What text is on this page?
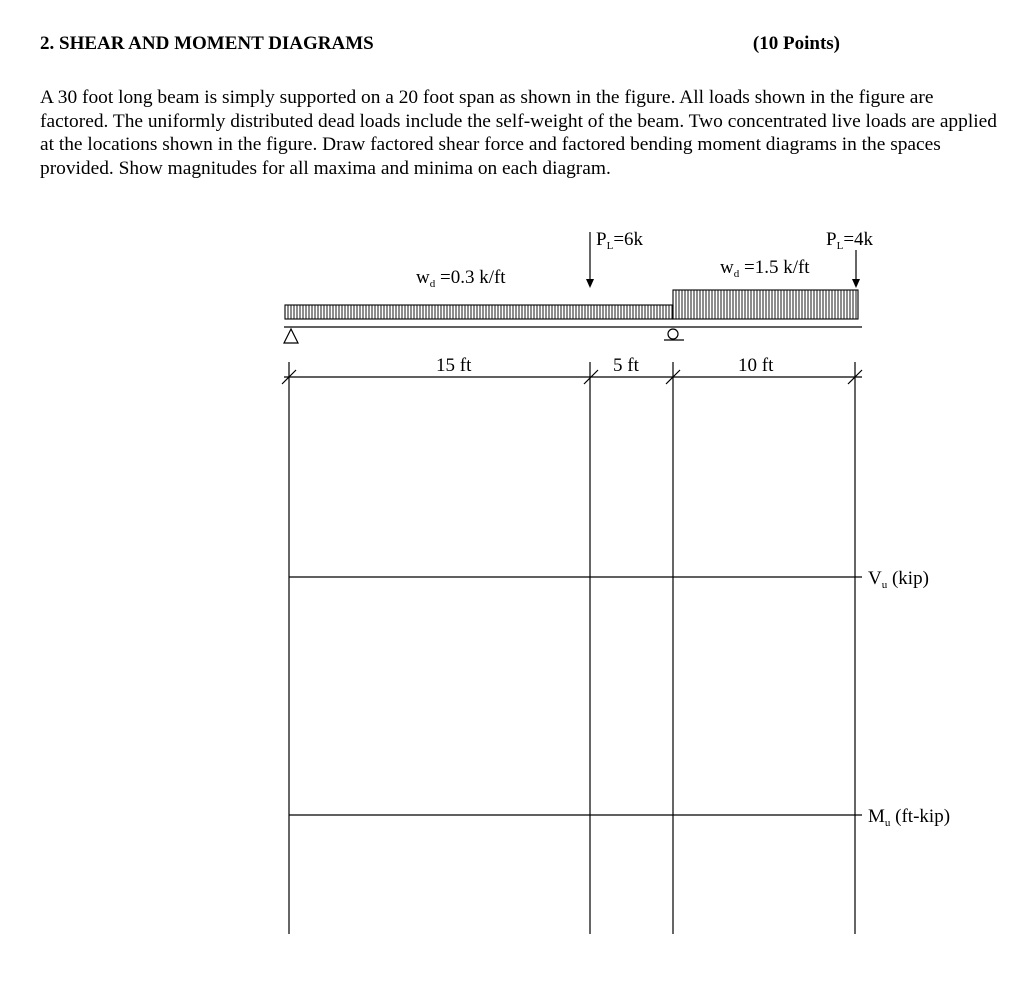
2. SHEAR AND MOMENT DIAGRAMS	(10 Points)

A 30 foot long beam is simply supported on a 20 foot span as shown in the figure. All loads shown in the figure are factored. The uniformly distributed dead loads include the self-weight of the beam. Two concentrated live loads are applied at the locations shown in the figure. Draw factored shear force and factored bending moment diagrams in the spaces provided. Show magnitudes for all maxima and minima on each diagram.

$P_L=6k$	$P_L=4k$
$w_d =0.3$ k/ft	$w_d =1.5$ k/ft
15 ft	5 ft	10 ft
$V_u$ (kip)
$M_u$ (ft-kip)
